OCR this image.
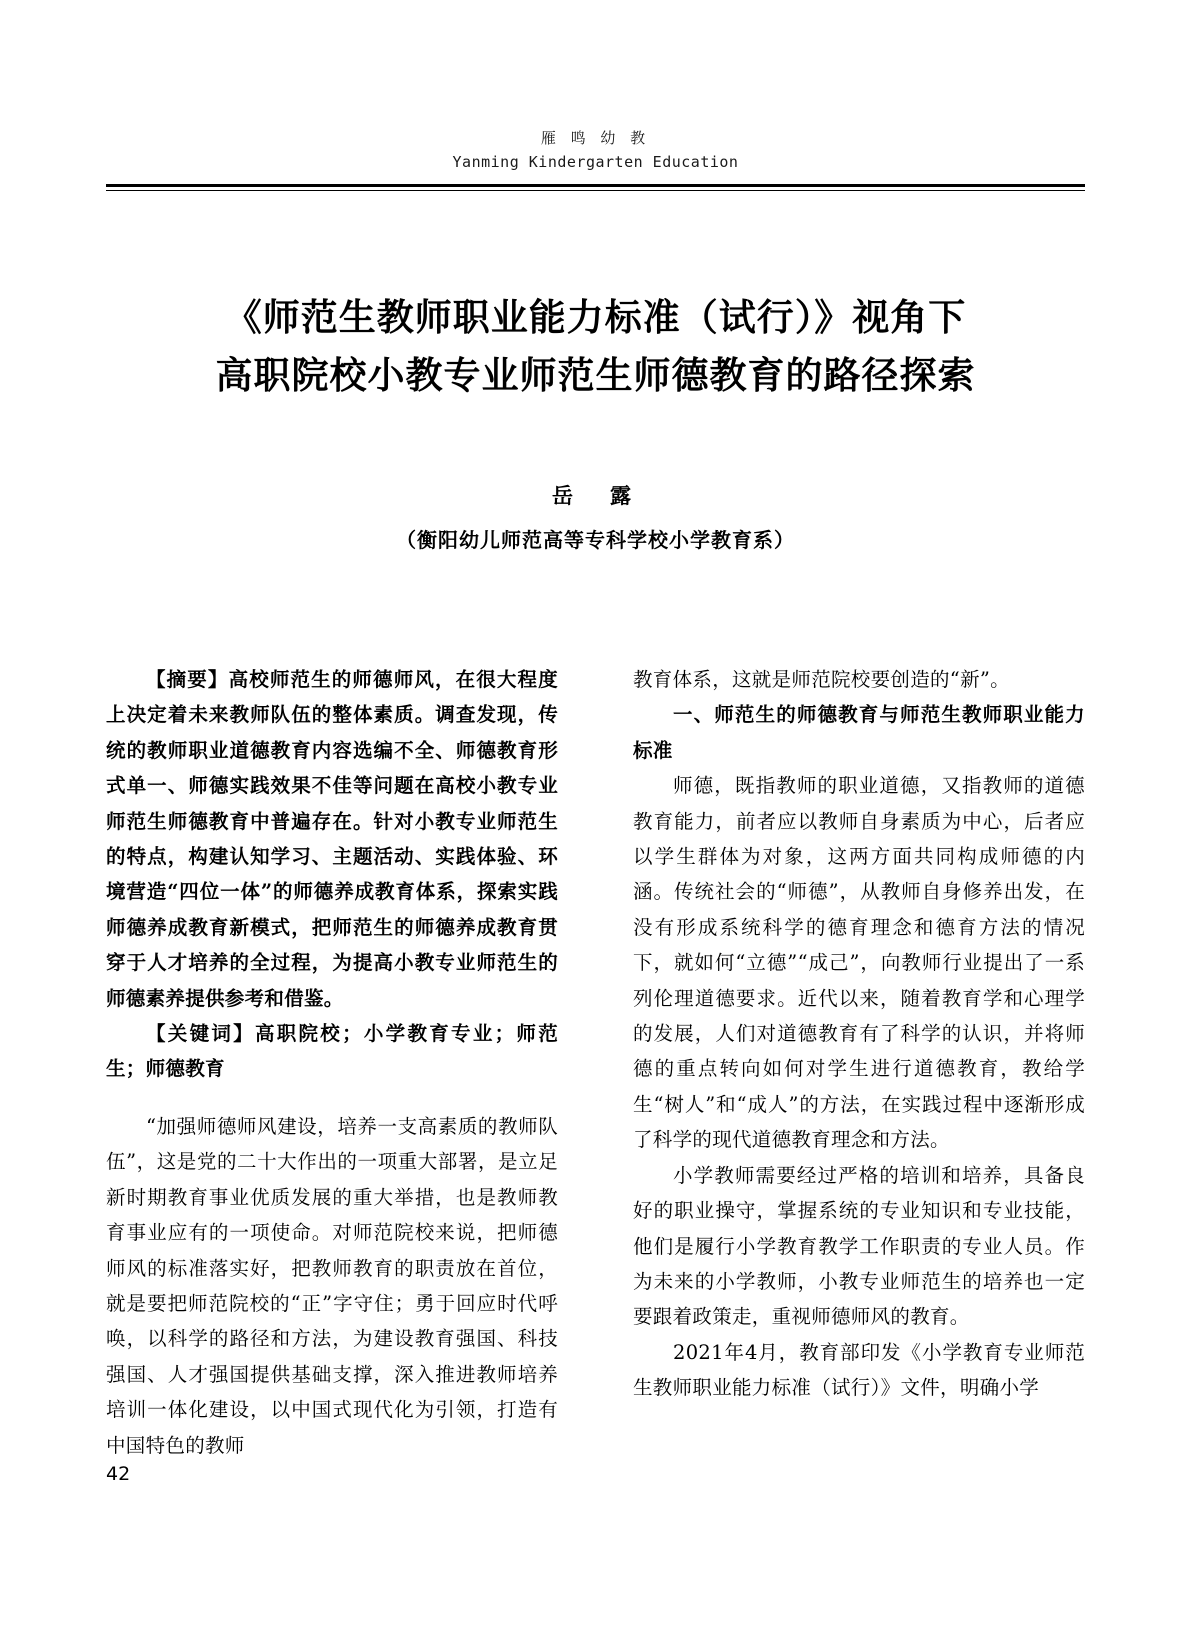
雁 鸣 幼 教
Yanming Kindergarten Education
《师范生教师职业能力标准（试行）》视角下
高职院校小教专业师范生师德教育的路径探索
岳　露
（衡阳幼儿师范高等专科学校小学教育系）

【摘要】高校师范生的师德师风，在很大程度上决定着未来教师队伍的整体素质。调查发现，传统的教师职业道德教育内容选编不全、师德教育形式单一、师德实践效果不佳等问题在高校小教专业师范生师德教育中普遍存在。针对小教专业师范生的特点，构建认知学习、主题活动、实践体验、环境营造“四位一体”的师德养成教育体系，探索实践师德养成教育新模式，把师范生的师德养成教育贯穿于人才培养的全过程，为提高小教专业师范生的师德素养提供参考和借鉴。

【关键词】高职院校；小学教育专业；师范生；师德教育

“加强师德师风建设，培养一支高素质的教师队伍”，这是党的二十大作出的一项重大部署，是立足新时期教育事业优质发展的重大举措，也是教师教育事业应有的一项使命。对师范院校来说，把师德师风的标准落实好，把教师教育的职责放在首位，就是要把师范院校的“正”字守住；勇于回应时代呼唤，以科学的路径和方法，为建设教育强国、科技强国、人才强国提供基础支撑，深入推进教师培养培训一体化建设，以中国式现代化为引领，打造有中国特色的教师

教育体系，这就是师范院校要创造的“新”。

一、师范生的师德教育与师范生教师职业能力标准

师德，既指教师的职业道德，又指教师的道德教育能力，前者应以教师自身素质为中心，后者应以学生群体为对象，这两方面共同构成师德的内涵。传统社会的“师德”，从教师自身修养出发，在没有形成系统科学的德育理念和德育方法的情况下，就如何“立德”“成己”，向教师行业提出了一系列伦理道德要求。近代以来，随着教育学和心理学的发展，人们对道德教育有了科学的认识，并将师德的重点转向如何对学生进行道德教育，教给学生“树人”和“成人”的方法，在实践过程中逐渐形成了科学的现代道德教育理念和方法。

小学教师需要经过严格的培训和培养，具备良好的职业操守，掌握系统的专业知识和专业技能，他们是履行小学教育教学工作职责的专业人员。作为未来的小学教师，小教专业师范生的培养也一定要跟着政策走，重视师德师风的教育。

2021年4月，教育部印发《小学教育专业师范生教师职业能力标准（试行）》文件，明确小学

42
